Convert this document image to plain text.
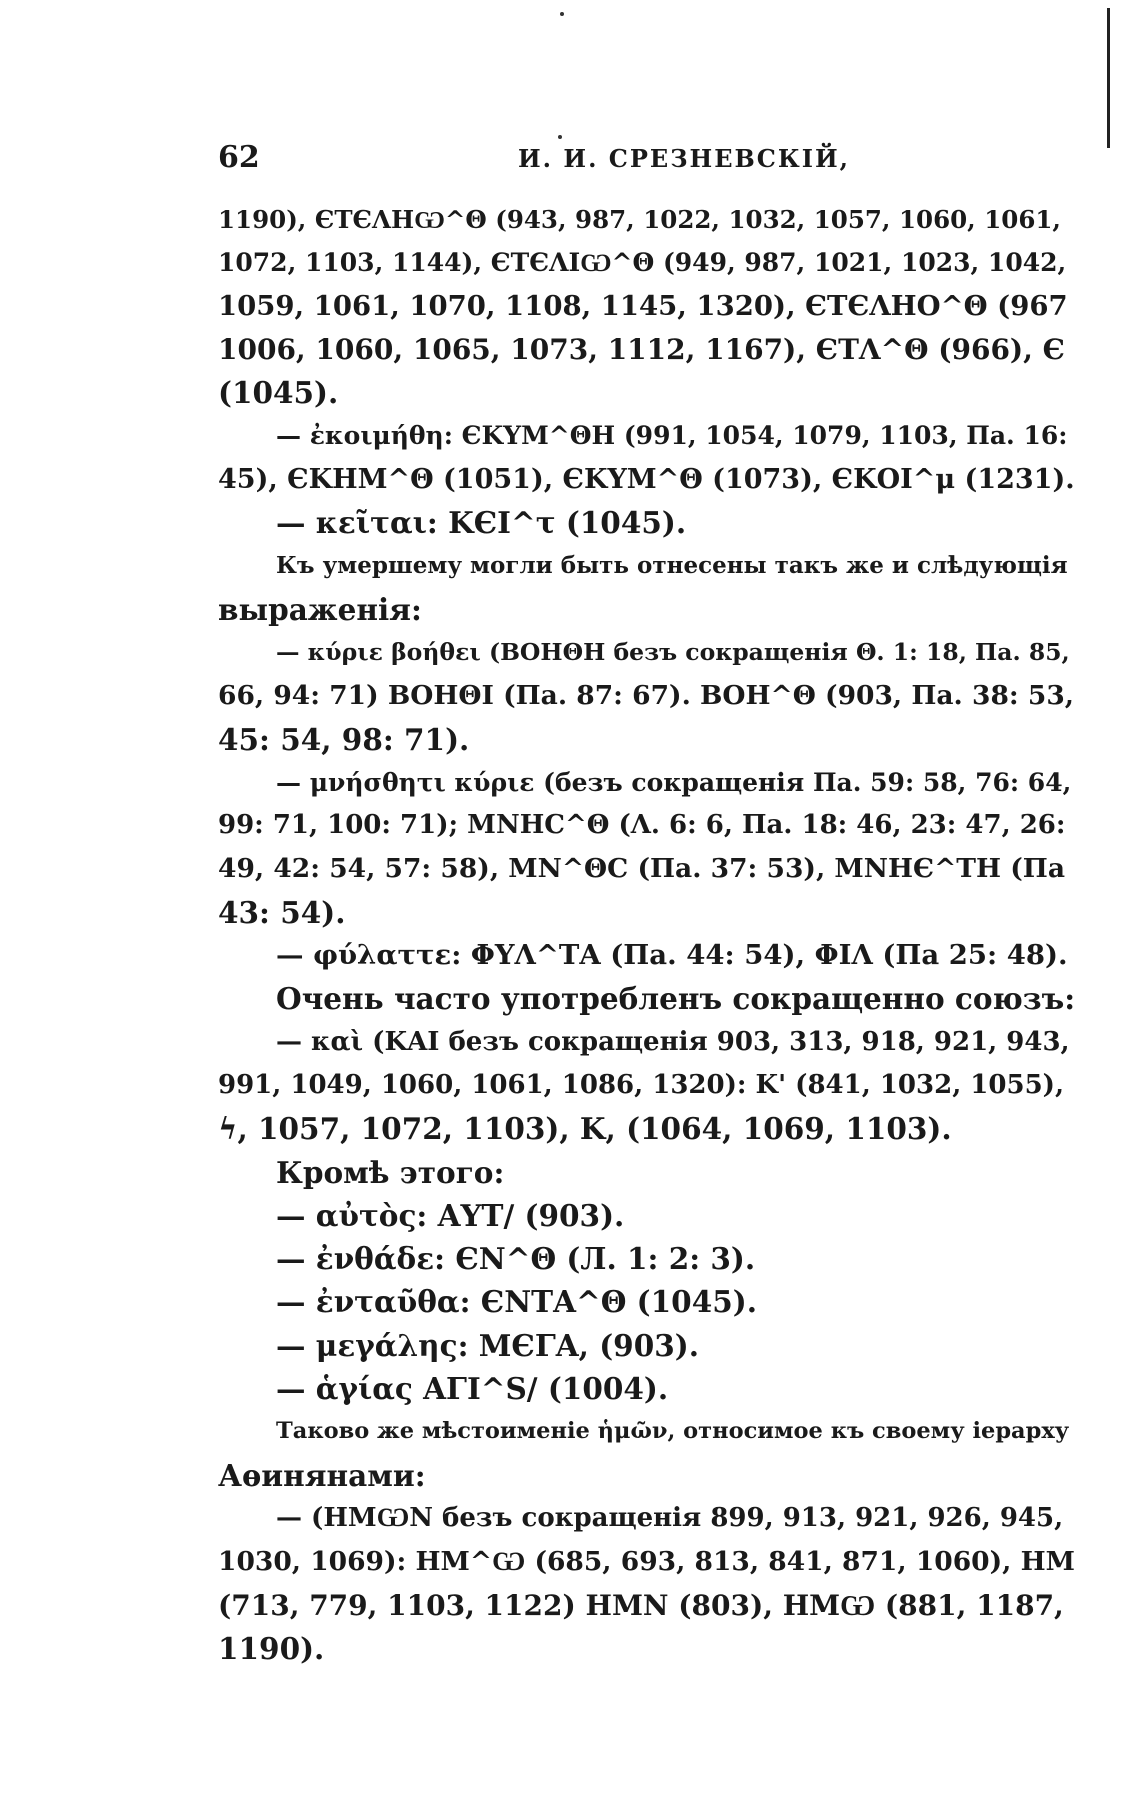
62	И. И. СРЕЗНЕВСКІЙ,
1190), ЄТЄΛΗѠ^Θ (943, 987, 1022, 1032, 1057, 1060, 1061,
1072, 1103, 1144), ЄТЄΛΙѠ^Θ (949, 987, 1021, 1023, 1042,
1059, 1061, 1070, 1108, 1145, 1320), ЄТЄΛΗΟ^Θ (967
1006, 1060, 1065, 1073, 1112, 1167), ЄΤΛ^Θ (966), Є
(1045).
— ἐκοιμήθη: ЄΚΥΜ^ΘΗ (991, 1054, 1079, 1103, Па. 16:
45), ЄΚΗΜ^Θ (1051), ЄΚΥΜ^Θ (1073), ЄΚΟΙ^μ (1231).
— κεῖται: ΚЄΙ^τ (1045).
Къ умершему могли быть отнесены такъ же и слѣдующія
выраженія:
— κύριε βοήθει (ΒΟΗΘΗ безъ сокращенія Θ. 1: 18, Па. 85,
66, 94: 71) ΒΟΗΘΙ (Па. 87: 67). ΒΟΗ^Θ (903, Па. 38: 53,
45: 54, 98: 71).
— μνήσθητι κύριε (безъ сокращенія Па. 59: 58, 76: 64,
99: 71, 100: 71); ΜΝΗϹ^Θ (Λ. 6: 6, Па. 18: 46, 23: 47, 26:
49, 42: 54, 57: 58), ΜΝ^ΘϹ (Па. 37: 53), ΜΝΗЄ^ΤΗ (Па
43: 54).
— φύλαττε: ΦΥΛ^ΤΑ (Па. 44: 54), ΦΙΛ (Па 25: 48).
Очень часто употребленъ сокращенно союзъ:
— καὶ (ΚΑΙ безъ сокращенія 903, 313, 918, 921, 943,
991, 1049, 1060, 1061, 1086, 1320): Κ' (841, 1032, 1055),
ϟ, 1057, 1072, 1103), Κ, (1064, 1069, 1103).
Кромѣ этого:
— αὐτὸς: ΑΥΤ/ (903).
— ἐνθάδε: ЄΝ^Θ (Л. 1: 2: 3).
— ἐνταῦθα: ЄΝΤΑ^Θ (1045).
— μεγάλης: ΜЄΓΑ, (903).
— ἁγίας ΑΓΙ^S/ (1004).
Таково же мѣстоименіе ἡμῶν, относимое къ своему іерарху
Аѳинянами:
— (ΗΜѠΝ безъ сокращенія 899, 913, 921, 926, 945,
1030, 1069): ΗΜ^Ѡ (685, 693, 813, 841, 871, 1060), ΗΜ
(713, 779, 1103, 1122) ΗΜΝ (803), ΗΜѠ (881, 1187,
1190).
